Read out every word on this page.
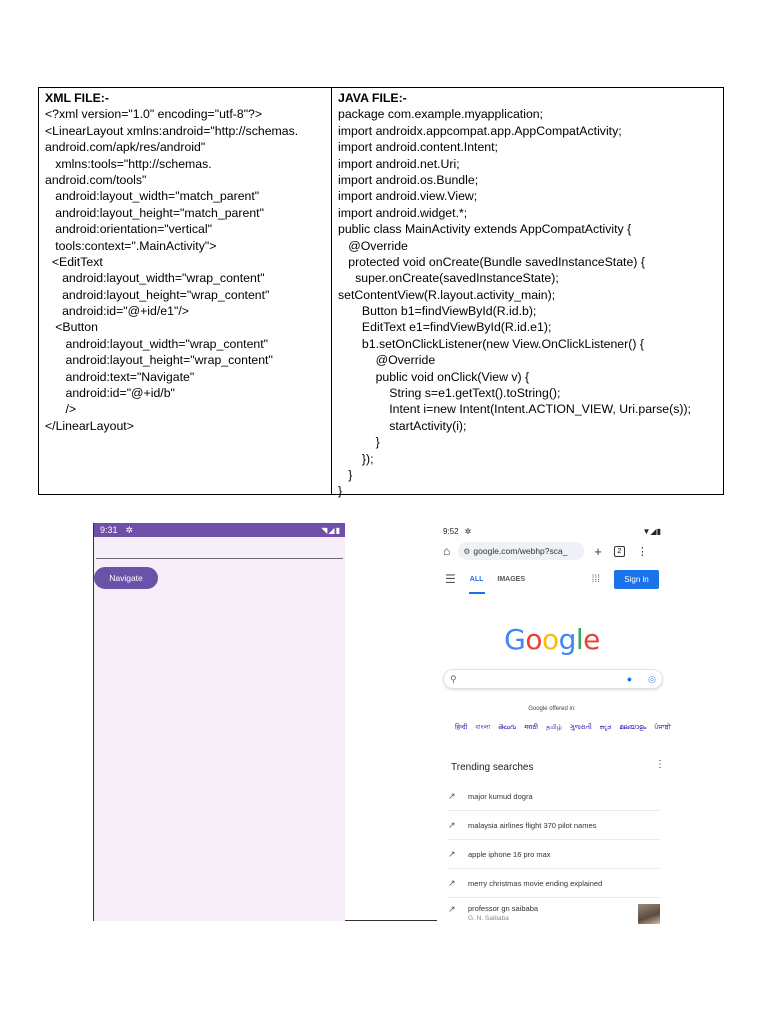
XML FILE:-
<?xml version="1.0" encoding="utf-8"?>
<LinearLayout xmlns:android="http://schemas.
android.com/apk/res/android"
xmlns:tools="http://schemas.
android.com/tools"
android:layout_width="match_parent"
android:layout_height="match_parent"
android:orientation="vertical"
tools:context=".MainActivity">
<EditText
android:layout_width="wrap_content"
android:layout_height="wrap_content"
android:id="@+id/e1"/>
<Button
android:layout_width="wrap_content"
android:layout_height="wrap_content"
android:text="Navigate"
android:id="@+id/b"
/>
</LinearLayout>
JAVA FILE:-
package com.example.myapplication;
import androidx.appcompat.app.AppCompatActivity;
import android.content.Intent;
import android.net.Uri;
import android.os.Bundle;
import android.view.View;
import android.widget.*;
public class MainActivity extends AppCompatActivity {
@Override
protected void onCreate(Bundle savedInstanceState) {
super.onCreate(savedInstanceState);
setContentView(R.layout.activity_main);
Button b1=findViewById(R.id.b);
EditText e1=findViewById(R.id.e1);
b1.setOnClickListener(new View.OnClickListener() {
@Override
public void onClick(View v) {
String s=e1.getText().toString();
Intent i=new Intent(Intent.ACTION_VIEW, Uri.parse(s));
startActivity(i);
}
});
}
}
9:31 ✲	◥◢▮
Navigate
9:52 ✲	▼◢▮
⌂ ⚙ google.com/webhp?sca_ +	2	⋮
☰ ALL IMAGES	⁞⁞⁞	Sign in
Google
⚲	● ◎
Google offered in:
हिन्दी বাংলা తెలుగు मराठी தமிழ் ગુજરાતી ಕನ್ನಡ മലയാളം ਪੰਜਾਬੀ
Trending searches	⋮
↗	major kumud dogra
↗	malaysia airlines flight 370 pilot names
↗	apple iphone 16 pro max
↗	merry christmas movie ending explained
↗	professor gn saibaba
G. N. Saibaba
